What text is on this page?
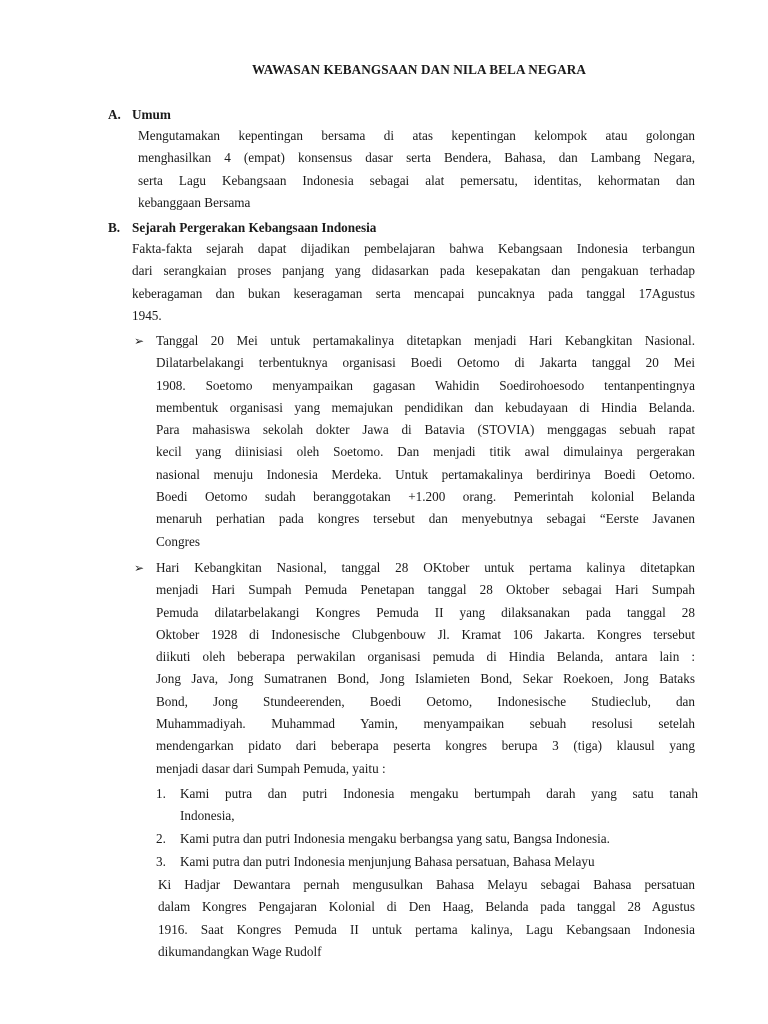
WAWASAN KEBANGSAAN DAN NILA BELA NEGARA
A. Umum
Mengutamakan kepentingan bersama di atas kepentingan kelompok atau golongan
menghasilkan 4 (empat) konsensus dasar serta Bendera, Bahasa, dan Lambang Negara,
serta Lagu Kebangsaan Indonesia sebagai alat pemersatu, identitas, kehormatan dan
kebanggaan Bersama
B. Sejarah Pergerakan Kebangsaan Indonesia
Fakta-fakta sejarah dapat dijadikan pembelajaran bahwa Kebangsaan Indonesia terbangun
dari serangkaian proses panjang yang didasarkan pada kesepakatan dan pengakuan terhadap
keberagaman dan bukan keseragaman serta mencapai puncaknya pada tanggal 17Agustus
1945.
➢ Tanggal 20 Mei untuk pertamakalinya ditetapkan menjadi Hari Kebangkitan Nasional.
Dilatarbelakangi terbentuknya organisasi Boedi Oetomo di Jakarta tanggal 20 Mei
1908. Soetomo menyampaikan gagasan Wahidin Soedirohoesodo tentanpentingnya
membentuk organisasi yang memajukan pendidikan dan kebudayaan di Hindia Belanda.
Para mahasiswa sekolah dokter Jawa di Batavia (STOVIA) menggagas sebuah rapat
kecil yang diinisiasi oleh Soetomo. Dan menjadi titik awal dimulainya pergerakan
nasional menuju Indonesia Merdeka. Untuk pertamakalinya berdirinya Boedi Oetomo.
Boedi Oetomo sudah beranggotakan +1.200 orang. Pemerintah kolonial Belanda
menaruh perhatian pada kongres tersebut dan menyebutnya sebagai “Eerste Javanen
Congres
➢ Hari Kebangkitan Nasional, tanggal 28 OKtober untuk pertama kalinya ditetapkan
menjadi Hari Sumpah Pemuda Penetapan tanggal 28 Oktober sebagai Hari Sumpah
Pemuda dilatarbelakangi Kongres Pemuda II yang dilaksanakan pada tanggal 28
Oktober 1928 di Indonesische Clubgenbouw Jl. Kramat 106 Jakarta. Kongres tersebut
diikuti oleh beberapa perwakilan organisasi pemuda di Hindia Belanda, antara lain :
Jong Java, Jong Sumatranen Bond, Jong Islamieten Bond, Sekar Roekoen, Jong Bataks
Bond, Jong Stundeerenden, Boedi Oetomo, Indonesische Studieclub, dan
Muhammadiyah. Muhammad Yamin, menyampaikan sebuah resolusi setelah
mendengarkan pidato dari beberapa peserta kongres berupa 3 (tiga) klausul yang
menjadi dasar dari Sumpah Pemuda, yaitu :
1. Kami putra dan putri Indonesia mengaku bertumpah darah yang satu tanah
Indonesia,
2. Kami putra dan putri Indonesia mengaku berbangsa yang satu, Bangsa Indonesia.
3. Kami putra dan putri Indonesia menjunjung Bahasa persatuan, Bahasa Melayu
Ki Hadjar Dewantara pernah mengusulkan Bahasa Melayu sebagai Bahasa persatuan
dalam Kongres Pengajaran Kolonial di Den Haag, Belanda pada tanggal 28 Agustus
1916. Saat Kongres Pemuda II untuk pertama kalinya, Lagu Kebangsaan Indonesia
dikumandangkan Wage Rudolf
